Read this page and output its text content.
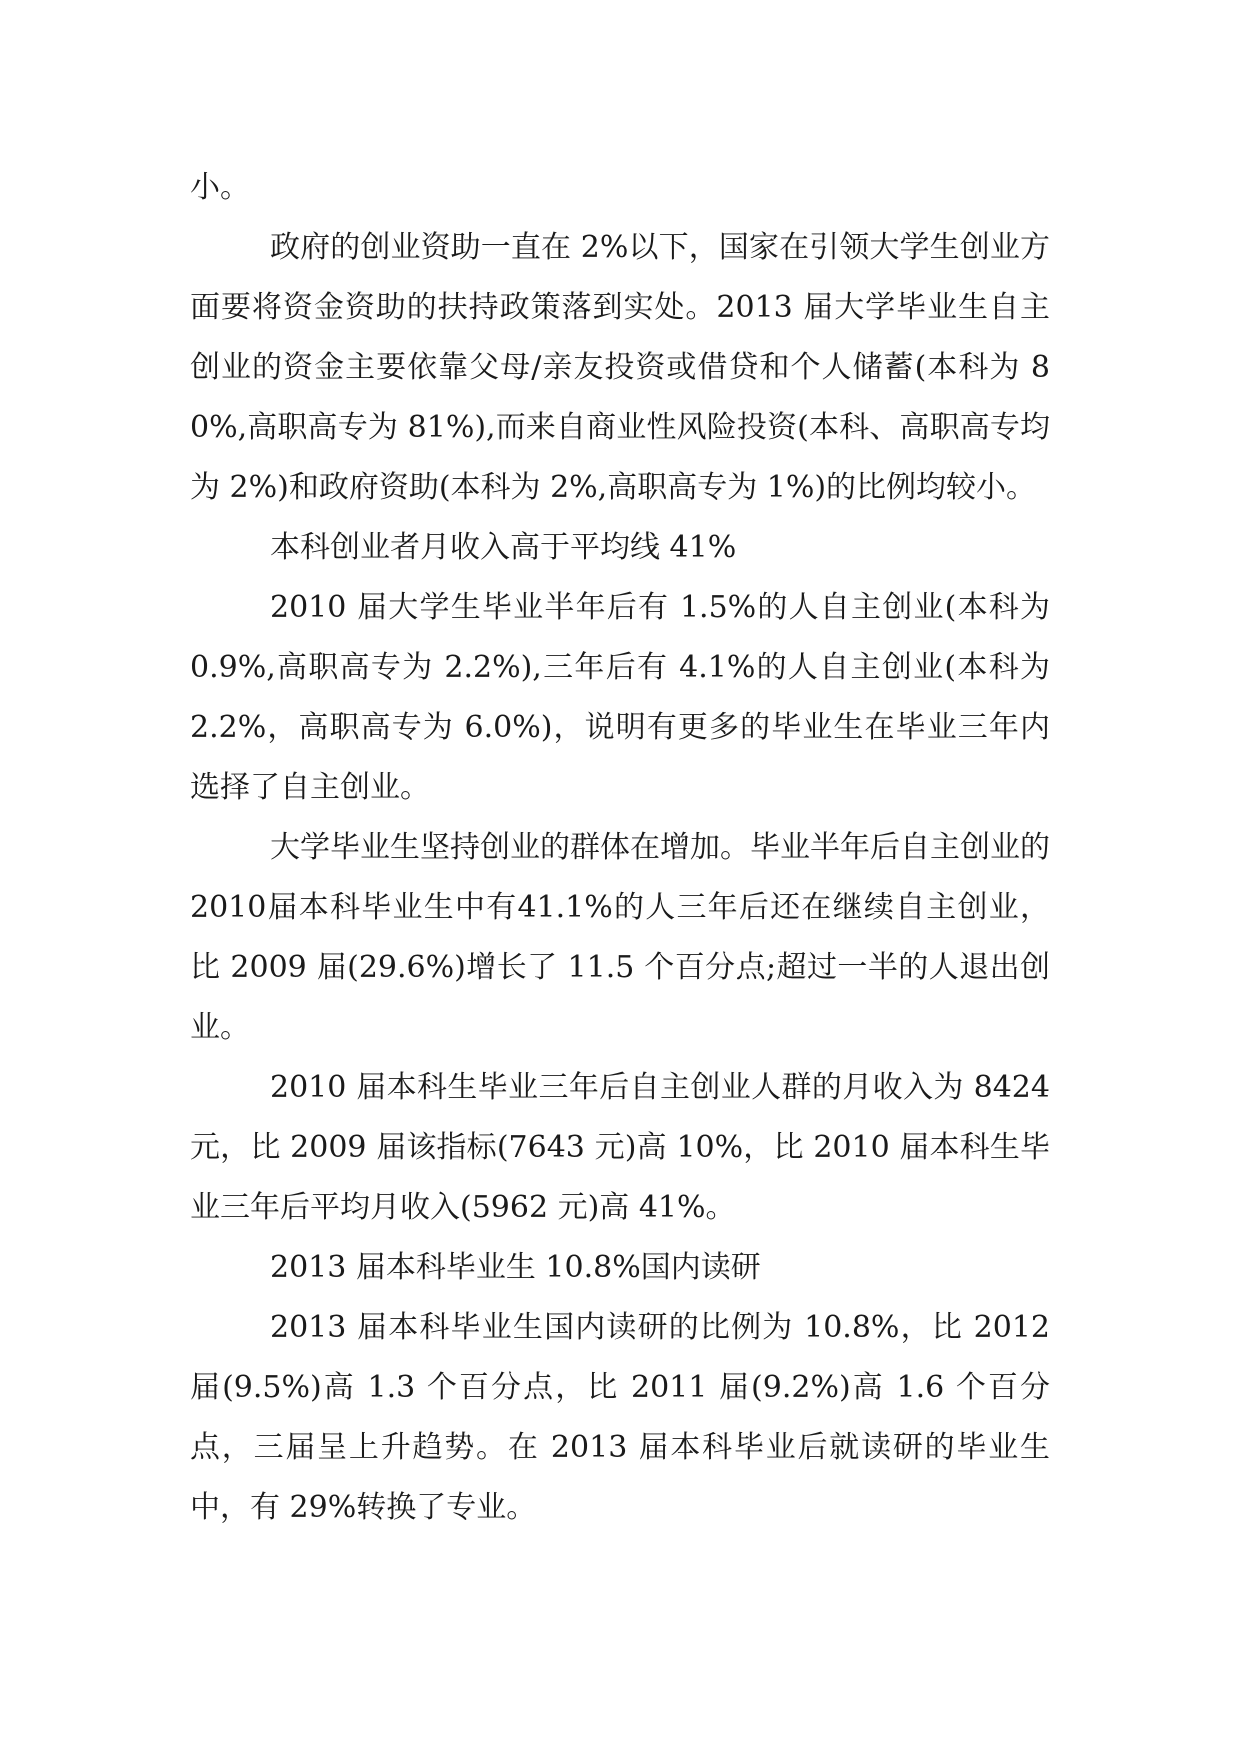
小。

政府的创业资助一直在 2%以下，国家在引领大学生创业方面要将资金资助的扶持政策落到实处。2013 届大学毕业生自主创业的资金主要依靠父母/亲友投资或借贷和个人储蓄(本科为 80%,高职高专为 81%),而来自商业性风险投资(本科、高职高专均为 2%)和政府资助(本科为 2%,高职高专为 1%)的比例均较小。

本科创业者月收入高于平均线 41%

2010 届大学生毕业半年后有 1.5%的人自主创业(本科为 0.9%,高职高专为 2.2%),三年后有 4.1%的人自主创业(本科为 2.2%，高职高专为 6.0%)，说明有更多的毕业生在毕业三年内选择了自主创业。

大学毕业生坚持创业的群体在增加。毕业半年后自主创业的2010届本科毕业生中有41.1%的人三年后还在继续自主创业，比 2009 届(29.6%)增长了 11.5 个百分点;超过一半的人退出创业。

2010 届本科生毕业三年后自主创业人群的月收入为 8424 元，比 2009 届该指标(7643 元)高 10%，比 2010 届本科生毕业三年后平均月收入(5962 元)高 41%。

2013 届本科毕业生 10.8%国内读研

2013 届本科毕业生国内读研的比例为 10.8%，比 2012 届(9.5%)高 1.3 个百分点，比 2011 届(9.2%)高 1.6 个百分点，三届呈上升趋势。在 2013 届本科毕业后就读研的毕业生中，有 29%转换了专业。
